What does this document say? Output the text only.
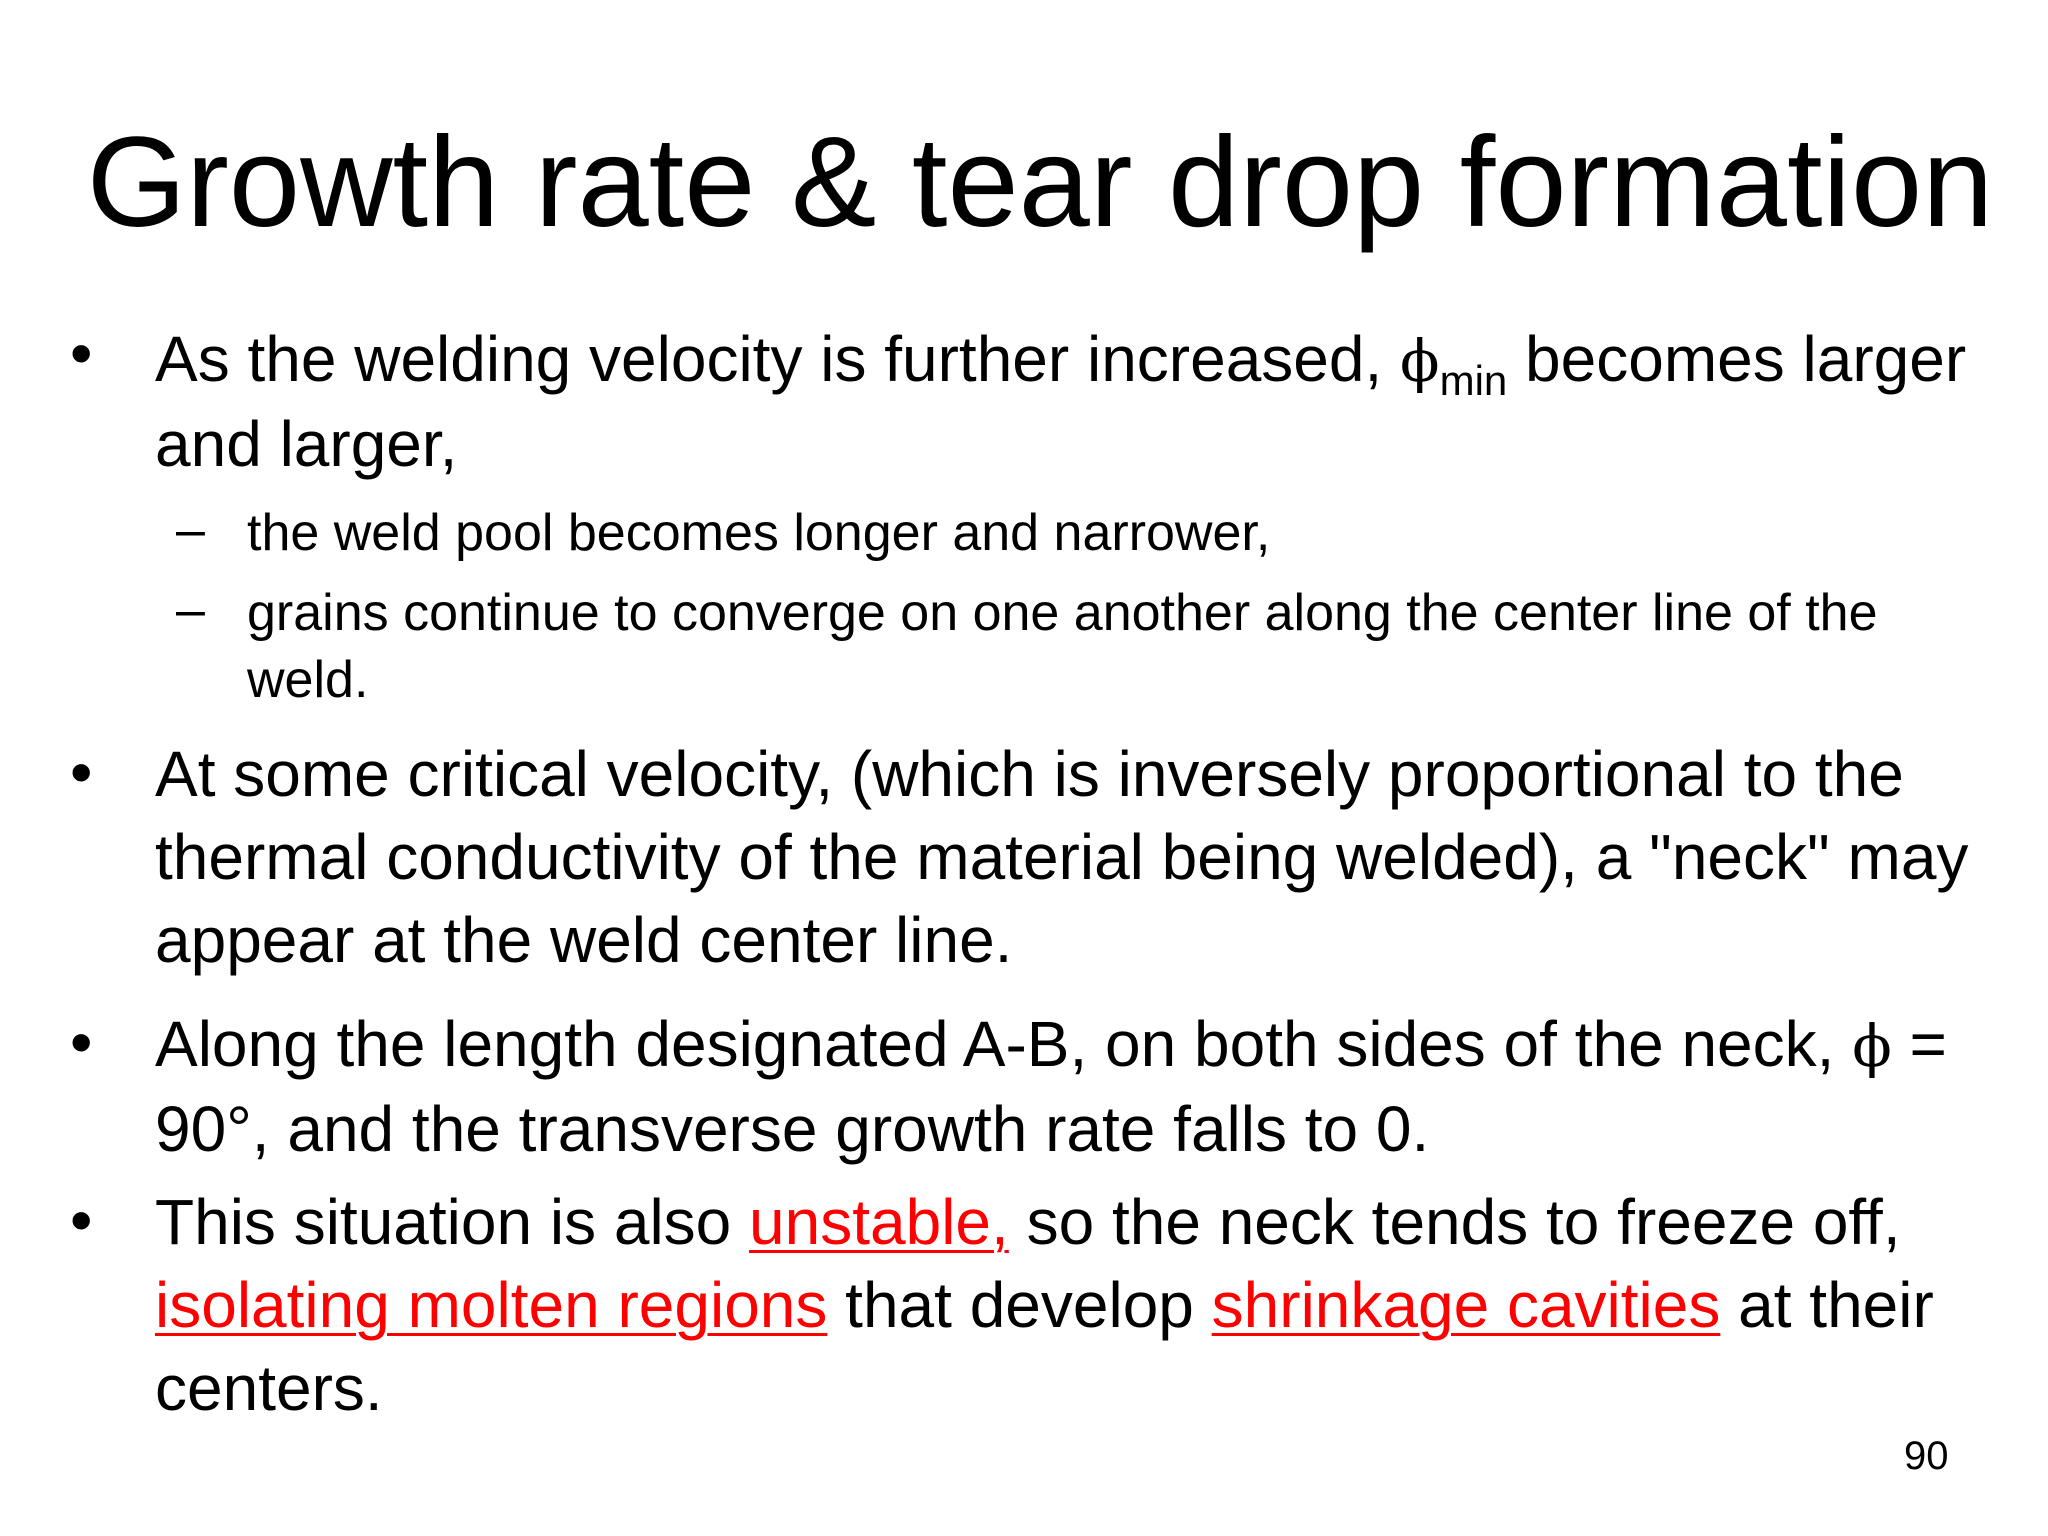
Growth rate & tear drop formation
• As the welding velocity is further increased, $\phi_{min}$ becomes larger and larger,
– the weld pool becomes longer and narrower,
– grains continue to converge on one another along the center line of the weld.
• At some critical velocity, (which is inversely proportional to the thermal conductivity of the material being welded), a "neck" may appear at the weld center line.
• Along the length designated A-B, on both sides of the neck, ϕ = 90°, and the transverse growth rate falls to 0.
• This situation is also unstable, so the neck tends to freeze off, isolating molten regions that develop shrinkage cavities at their centers.
90
